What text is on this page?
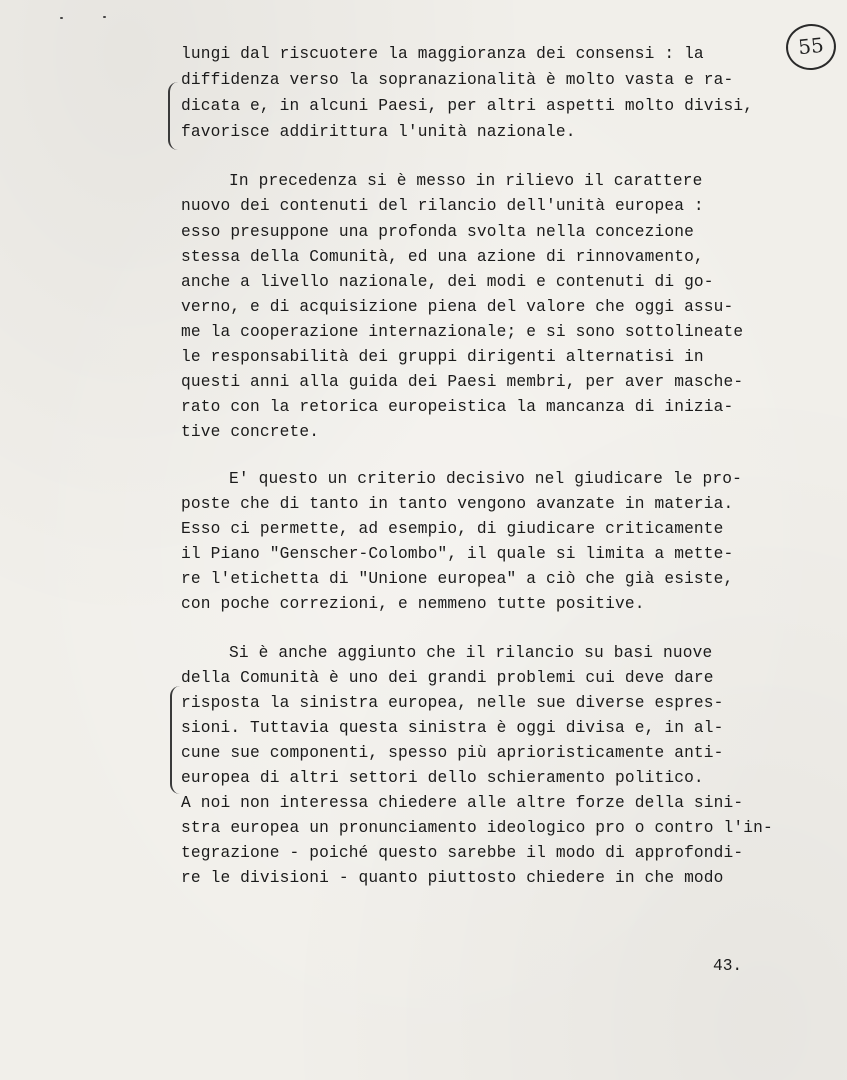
55
lungi dal riscuotere la maggioranza dei consensi : la
diffidenza verso la sopranazionalità è molto vasta e ra-
dicata e, in alcuni Paesi, per altri aspetti molto divisi,
favorisce addirittura l'unità nazionale.
In precedenza si è messo in rilievo il carattere
nuovo dei contenuti del rilancio dell'unità europea :
esso presuppone una profonda svolta nella concezione
stessa della Comunità, ed una azione di rinnovamento,
anche a livello nazionale, dei modi e contenuti di go-
verno, e di acquisizione piena del valore che oggi assu-
me la cooperazione internazionale; e si sono sottolineate
le responsabilità dei gruppi dirigenti alternatisi in
questi anni alla guida dei Paesi membri, per aver masche-
rato con la retorica europeistica la mancanza di inizia-
tive concrete.
E' questo un criterio decisivo nel giudicare le pro-
poste che di tanto in tanto vengono avanzate in materia.
Esso ci permette, ad esempio, di giudicare criticamente
il Piano "Genscher-Colombo", il quale si limita a mette-
re l'etichetta di "Unione europea" a ciò che già esiste,
con poche correzioni, e nemmeno tutte positive.
Si è anche aggiunto che il rilancio su basi nuove
della Comunità è uno dei grandi problemi cui deve dare
risposta la sinistra europea, nelle sue diverse espres-
sioni. Tuttavia questa sinistra è oggi divisa e, in al-
cune sue componenti, spesso più aprioristicamente anti-
europea di altri settori dello schieramento politico.
A noi non interessa chiedere alle altre forze della sini-
stra europea un pronunciamento ideologico pro o contro l'in-
tegrazione - poiché questo sarebbe il modo di approfondi-
re le divisioni - quanto piuttosto chiedere in che modo
43.
